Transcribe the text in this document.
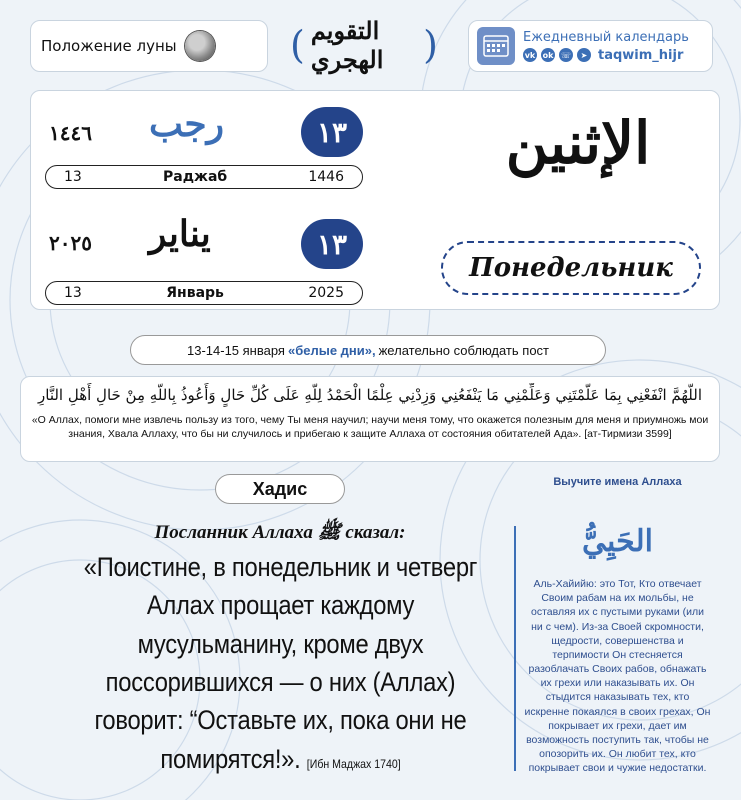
Положение луны	( التقويم الهجري	)	Ежедневный календарь
vk ok ☏	➤ taqwim_hijr
١٤٤٦ رجب	١٣
13	Раджаб	1446
٢٠٢٥ يناير	١٣
13	Январь	2025
الإثنين
Понедельник
13-14-15 января «белые дни», желательно соблюдать пост
اللَّهُمَّ انْفَعْنِي بِمَا عَلَّمْتَنِي وَعَلِّمْنِي مَا يَنْفَعُنِي وَزِدْنِي عِلْمًا الْحَمْدُ لِلَّهِ عَلَى كُلِّ حَالٍ وَأَعُوذُ بِاللَّهِ مِنْ حَالِ أَهْلِ النَّارِ
«О Аллах, помоги мне извлечь пользу из того, чему Ты меня научил; научи меня тому, что окажется полезным для меня и приумножь мои знания, Хвала Аллаху, что бы ни случилось и прибегаю к защите Аллаха от состояния обитателей Ада». [ат-Тирмизи 3599]
Хадис
Посланник Аллаха ﷺ сказал:
«Поистине, в понедельник и четверг Аллах прощает каждому мусульманину, кроме двух поссорившихся — о них (Аллах) говорит: “Оставьте их, пока они не помирятся!». [Ибн Маджах 1740]
Выучите имена Аллаха
الحَيِيُّ
Аль-Хайийю: это Тот, Кто отвечает Своим рабам на их мольбы, не оставляя их с пустыми руками (или ни с чем). Из-за Своей скромности, щедрости, совершенства и терпимости Он стесняется разоблачать Своих рабов, обнажать их грехи или наказывать их. Он стыдится наказывать тех, кто искренне покаялся в своих грехах, Он покрывает их грехи, дает им возможность поступить так, чтобы не опозорить их. Он любит тех, кто покрывает свои и чужие недостатки.
